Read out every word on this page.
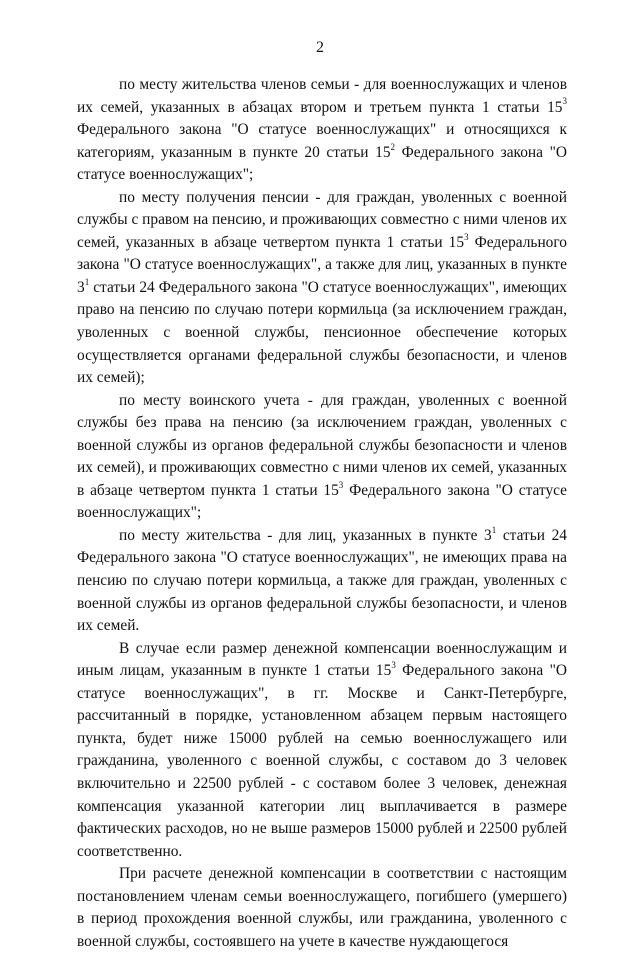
2

по месту жительства членов семьи - для военнослужащих и членов их семей, указанных в абзацах втором и третьем пункта 1 статьи $15^3$ Федерального закона "О статусе военнослужащих" и относящихся к категориям, указанным в пункте 20 статьи $15^2$ Федерального закона "О статусе военнослужащих";

по месту получения пенсии - для граждан, уволенных с военной службы с правом на пенсию, и проживающих совместно с ними членов их семей, указанных в абзаце четвертом пункта 1 статьи $15^3$ Федерального закона "О статусе военнослужащих", а также для лиц, указанных в пункте $3^1$ статьи 24 Федерального закона "О статусе военнослужащих", имеющих право на пенсию по случаю потери кормильца (за исключением граждан, уволенных с военной службы, пенсионное обеспечение которых осуществляется органами федеральной службы безопасности, и членов их семей);

по месту воинского учета - для граждан, уволенных с военной службы без права на пенсию (за исключением граждан, уволенных с военной службы из органов федеральной службы безопасности и членов их семей), и проживающих совместно с ними членов их семей, указанных в абзаце четвертом пункта 1 статьи $15^3$ Федерального закона "О статусе военнослужащих";

по месту жительства - для лиц, указанных в пункте $3^1$ статьи 24 Федерального закона "О статусе военнослужащих", не имеющих права на пенсию по случаю потери кормильца, а также для граждан, уволенных с военной службы из органов федеральной службы безопасности, и членов их семей.

В случае если размер денежной компенсации военнослужащим и иным лицам, указанным в пункте 1 статьи $15^3$ Федерального закона "О статусе военнослужащих", в гг. Москве и Санкт-Петербурге, рассчитанный в порядке, установленном абзацем первым настоящего пункта, будет ниже 15000 рублей на семью военнослужащего или гражданина, уволенного с военной службы, с составом до 3 человек включительно и 22500 рублей - с составом более 3 человек, денежная компенсация указанной категории лиц выплачивается в размере фактических расходов, но не выше размеров 15000 рублей и 22500 рублей соответственно.

При расчете денежной компенсации в соответствии с настоящим постановлением членам семьи военнослужащего, погибшего (умершего) в период прохождения военной службы, или гражданина, уволенного с военной службы, состоявшего на учете в качестве нуждающегося
